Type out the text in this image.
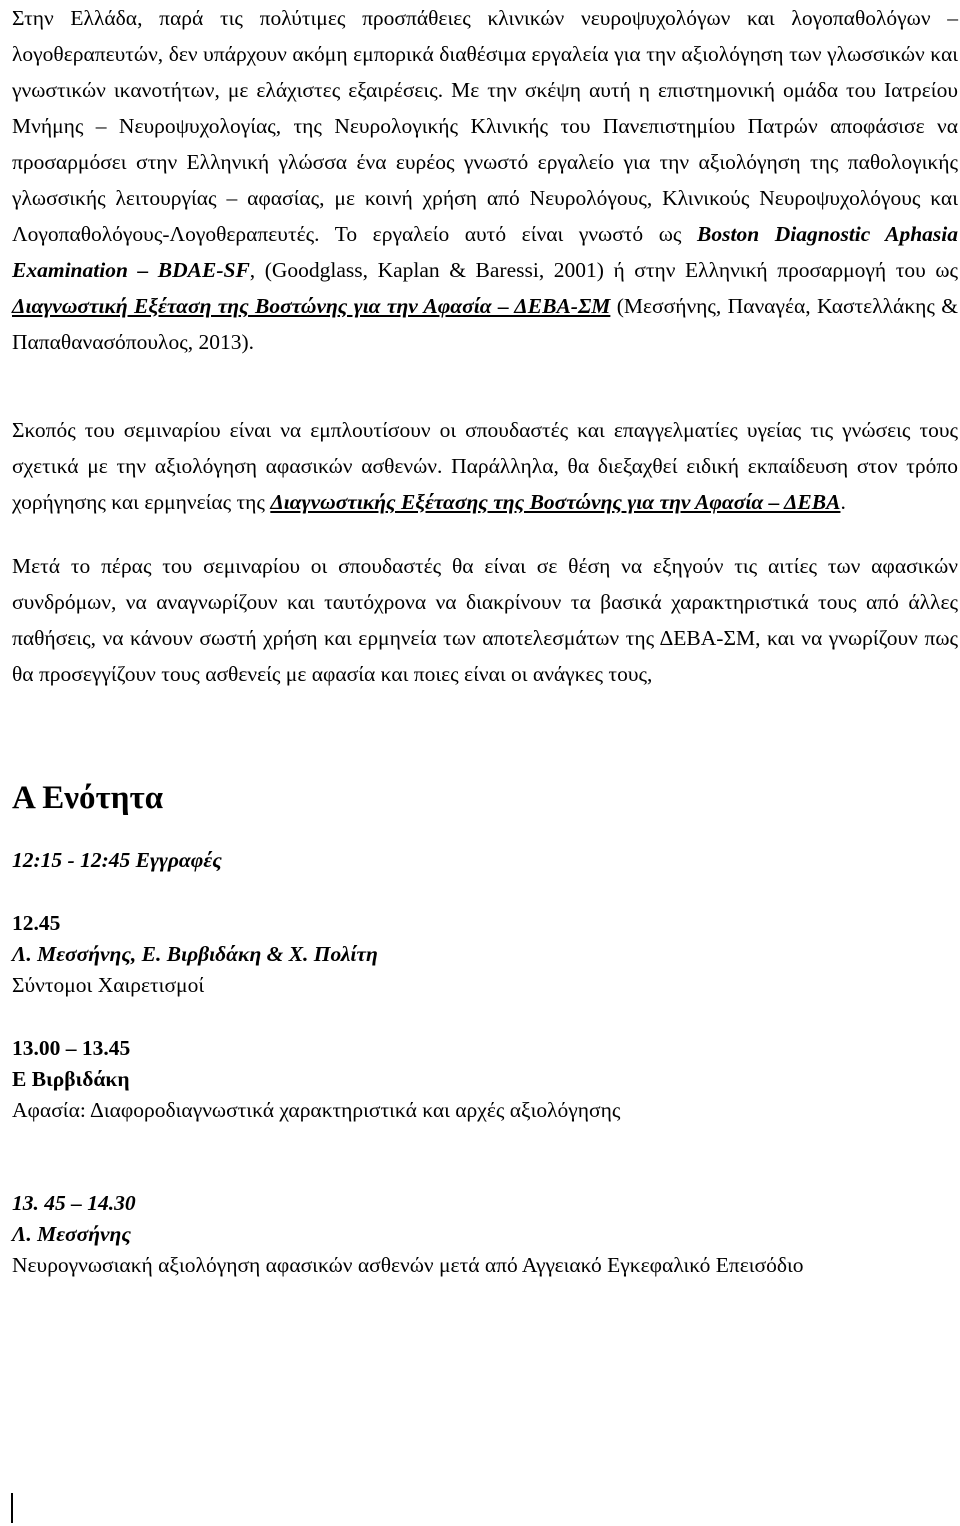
Στην Ελλάδα, παρά τις πολύτιμες προσπάθειες κλινικών νευροψυχολόγων και λογοπαθολόγων – λογοθεραπευτών, δεν υπάρχουν ακόμη εμπορικά διαθέσιμα εργαλεία για την αξιολόγηση των γλωσσικών και γνωστικών ικανοτήτων, με ελάχιστες εξαιρέσεις. Με την σκέψη αυτή η επιστημονική ομάδα του Ιατρείου Μνήμης – Νευροψυχολογίας, της Νευρολογικής Κλινικής του Πανεπιστημίου Πατρών αποφάσισε να προσαρμόσει στην Ελληνική γλώσσα ένα ευρέος γνωστό εργαλείο για την αξιολόγηση της παθολογικής γλωσσικής λειτουργίας – αφασίας, με κοινή χρήση από Νευρολόγους, Κλινικούς Νευροψυχολόγους και Λογοπαθολόγους-Λογοθεραπευτές. Το εργαλείο αυτό είναι γνωστό ως Boston Diagnostic Aphasia Examination – BDAE-SF, (Goodglass, Kaplan & Baressi, 2001) ή στην Ελληνική προσαρμογή του ως Διαγνωστική Εξέταση της Βοστώνης για την Αφασία – ΔΕΒΑ-ΣΜ (Μεσσήνης, Παναγέα, Καστελλάκης & Παπαθανασόπουλος, 2013).

Σκοπός του σεμιναρίου είναι να εμπλουτίσουν οι σπουδαστές και επαγγελματίες υγείας τις γνώσεις τους σχετικά με την αξιολόγηση αφασικών ασθενών. Παράλληλα, θα διεξαχθεί ειδική εκπαίδευση στον τρόπο χορήγησης και ερμηνείας της Διαγνωστικής Εξέτασης της Βοστώνης για την Αφασία – ΔΕΒΑ.

Μετά το πέρας του σεμιναρίου οι σπουδαστές θα είναι σε θέση να εξηγούν τις αιτίες των αφασικών συνδρόμων, να αναγνωρίζουν και ταυτόχρονα να διακρίνουν τα βασικά χαρακτηριστικά τους από άλλες παθήσεις, να κάνουν σωστή χρήση και ερμηνεία των αποτελεσμάτων της ΔΕΒΑ-ΣΜ, και να γνωρίζουν πως θα προσεγγίζουν τους ασθενείς με αφασία και ποιες είναι οι ανάγκες τους,

Α Ενότητα

12:15 - 12:45 Εγγραφές

12.45

Λ. Μεσσήνης, Ε. Βιρβιδάκη & Χ. Πολίτη

Σύντομοι Χαιρετισμοί

13.00 – 13.45

Ε Βιρβιδάκη

Αφασία: Διαφοροδιαγνωστικά χαρακτηριστικά και αρχές αξιολόγησης

13. 45 – 14.30

Λ. Μεσσήνης

Νευρογνωσιακή αξιολόγηση αφασικών ασθενών μετά από Αγγειακό Εγκεφαλικό Επεισόδιο
